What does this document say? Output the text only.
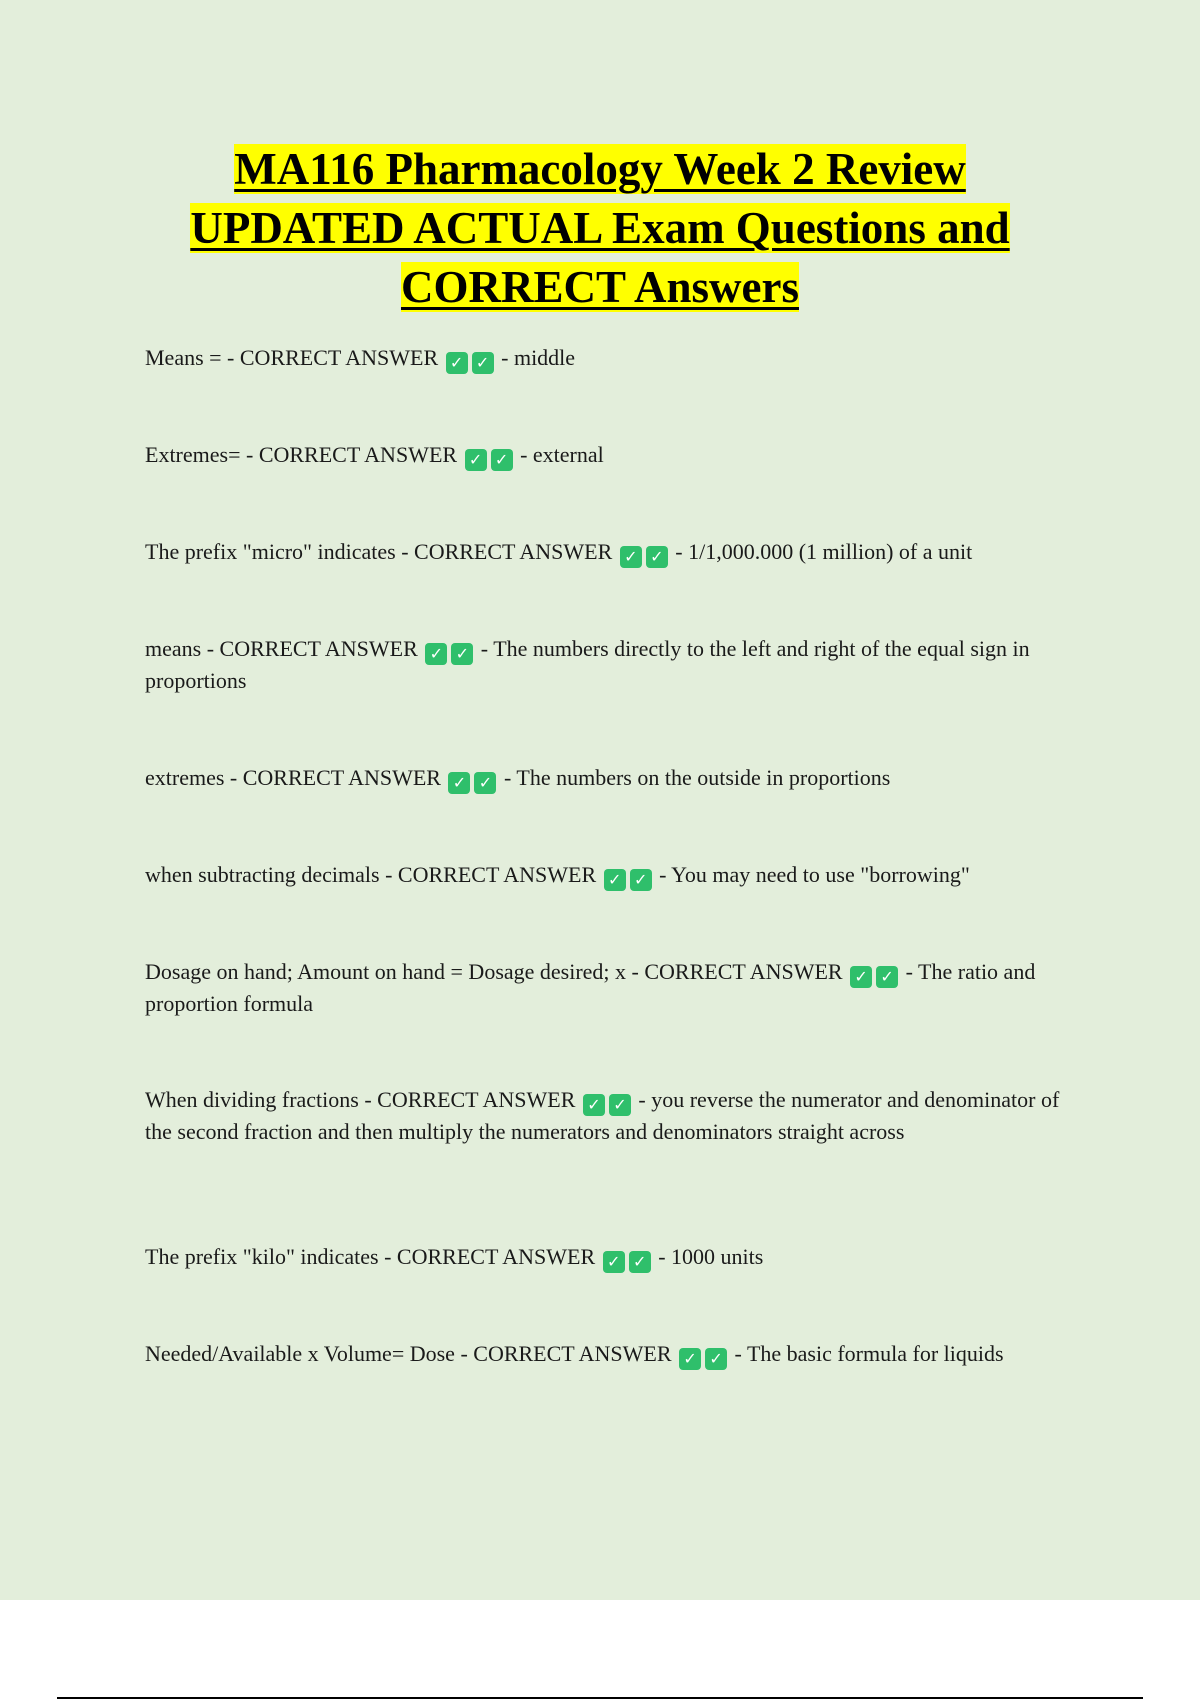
MA116 Pharmacology Week 2 Review
UPDATED ACTUAL Exam Questions and
CORRECT Answers
Means = - CORRECT ANSWER ✓ ✓ - middle
Extremes= - CORRECT ANSWER ✓ ✓ - external
The prefix "micro" indicates - CORRECT ANSWER ✓ ✓ - 1/1,000.000 (1 million) of a unit
means - CORRECT ANSWER ✓ ✓ - The numbers directly to the left and right of the equal sign in proportions
extremes - CORRECT ANSWER ✓ ✓ - The numbers on the outside in proportions
when subtracting decimals - CORRECT ANSWER ✓ ✓ - You may need to use "borrowing"
Dosage on hand; Amount on hand = Dosage desired; x - CORRECT ANSWER ✓ ✓ - The ratio and proportion formula
When dividing fractions - CORRECT ANSWER ✓ ✓ - you reverse the numerator and denominator of the second fraction and then multiply the numerators and denominators straight across
The prefix "kilo" indicates - CORRECT ANSWER ✓ ✓ - 1000 units
Needed/Available x Volume= Dose - CORRECT ANSWER ✓ ✓ - The basic formula for liquids
